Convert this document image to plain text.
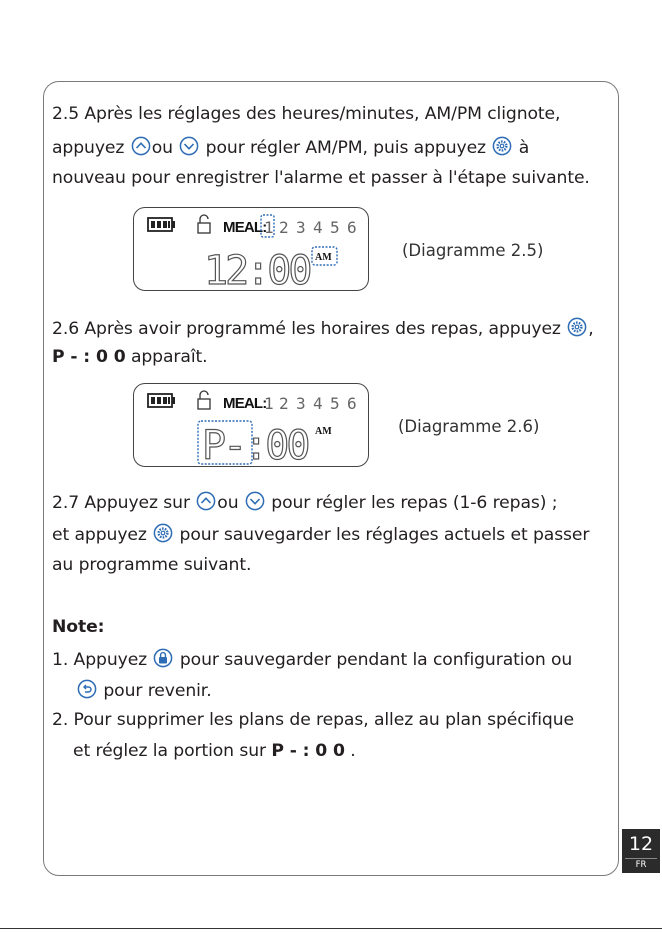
2.5 Après les réglages des heures/minutes, AM/PM clignote,
appuyez ou pour régler AM/PM, puis appuyez à
nouveau pour enregistrer l'alarme et passer à l'étape suivante.
MEAL:
1 2 3 4 5 6
12:00 AM	(Diagramme 2.5)
2.6 Après avoir programmé les horaires des repas, appuyez ,
P - : 0 0 apparaît.
MEAL:
1 2 3 4 5 6
P-:00 AM	(Diagramme 2.6)
2.7 Appuyez sur ou pour régler les repas (1-6 repas) ;
et appuyez pour sauvegarder les réglages actuels et passer
au programme suivant.
Note:
1. Appuyez pour sauvegarder pendant la configuration ou
pour revenir.
2. Pour supprimer les plans de repas, allez au plan spécifique
et réglez la portion sur P - : 0 0 .
12
FR
